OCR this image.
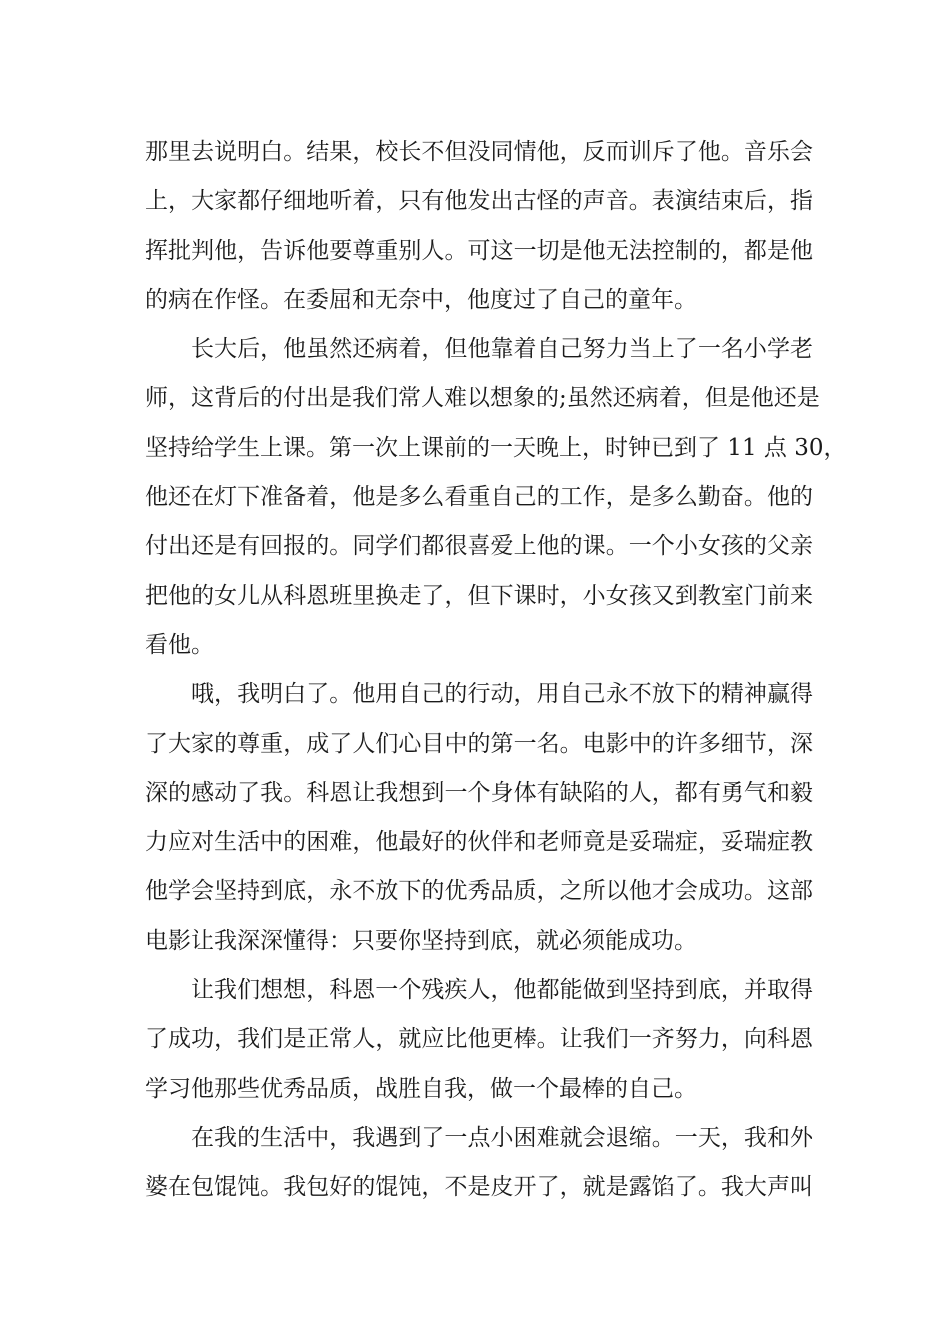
那里去说明白。结果，校长不但没同情他，反而训斥了他。音乐会
上，大家都仔细地听着，只有他发出古怪的声音。表演结束后，指
挥批判他，告诉他要尊重别人。可这一切是他无法控制的，都是他
的病在作怪。在委屈和无奈中，他度过了自己的童年。
长大后，他虽然还病着，但他靠着自己努力当上了一名小学老
师，这背后的付出是我们常人难以想象的;虽然还病着，但是他还是
坚持给学生上课。第一次上课前的一天晚上，时钟已到了 11 点 30，
他还在灯下准备着，他是多么看重自己的工作，是多么勤奋。他的
付出还是有回报的。同学们都很喜爱上他的课。一个小女孩的父亲
把他的女儿从科恩班里换走了，但下课时，小女孩又到教室门前来
看他。
哦，我明白了。他用自己的行动，用自己永不放下的精神赢得
了大家的尊重，成了人们心目中的第一名。电影中的许多细节，深
深的感动了我。科恩让我想到一个身体有缺陷的人，都有勇气和毅
力应对生活中的困难，他最好的伙伴和老师竟是妥瑞症，妥瑞症教
他学会坚持到底，永不放下的优秀品质，之所以他才会成功。这部
电影让我深深懂得：只要你坚持到底，就必须能成功。
让我们想想，科恩一个残疾人，他都能做到坚持到底，并取得
了成功，我们是正常人，就应比他更棒。让我们一齐努力，向科恩
学习他那些优秀品质，战胜自我，做一个最棒的自己。
在我的生活中，我遇到了一点小困难就会退缩。一天，我和外
婆在包馄饨。我包好的馄饨，不是皮开了，就是露馅了。我大声叫
